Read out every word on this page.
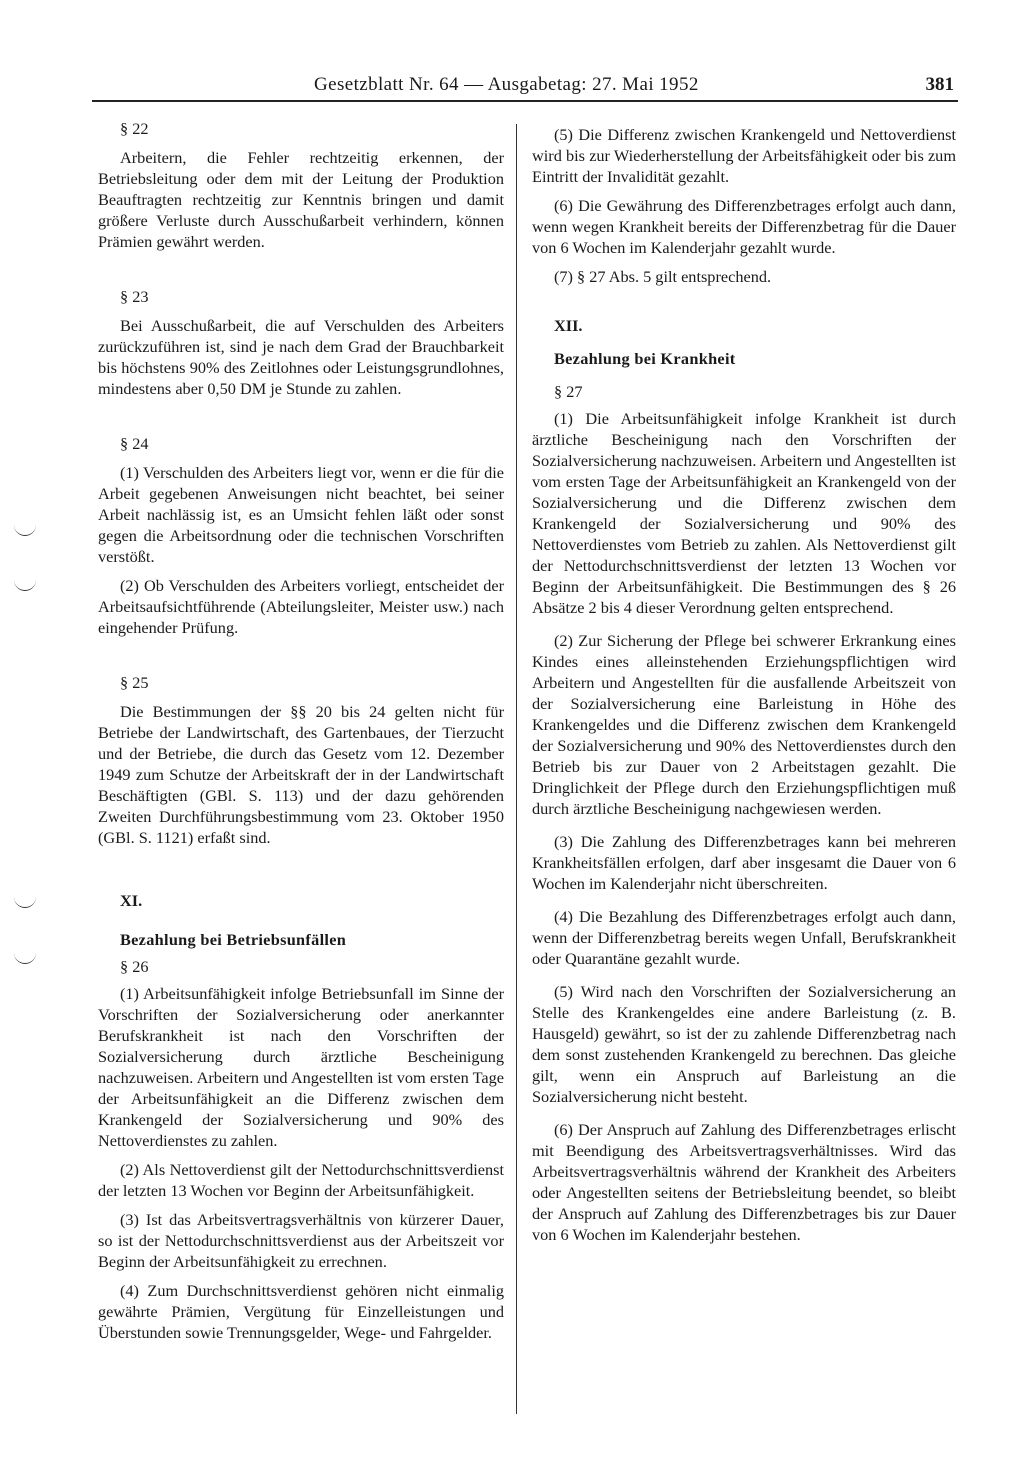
Gesetzblatt Nr. 64 — Ausgabetag: 27. Mai 1952	381

§ 22

Arbeitern, die Fehler rechtzeitig erkennen, der Betriebsleitung oder dem mit der Leitung der Produktion Beauftragten rechtzeitig zur Kenntnis bringen und damit größere Verluste durch Ausschußarbeit verhindern, können Prämien gewährt werden.

§ 23

Bei Ausschußarbeit, die auf Verschulden des Arbeiters zurückzuführen ist, sind je nach dem Grad der Brauchbarkeit bis höchstens 90% des Zeitlohnes oder Leistungsgrundlohnes, mindestens aber 0,50 DM je Stunde zu zahlen.

§ 24

(1) Verschulden des Arbeiters liegt vor, wenn er die für die Arbeit gegebenen Anweisungen nicht beachtet, bei seiner Arbeit nachlässig ist, es an Umsicht fehlen läßt oder sonst gegen die Arbeitsordnung oder die technischen Vorschriften verstößt.

(2) Ob Verschulden des Arbeiters vorliegt, entscheidet der Arbeitsaufsichtführende (Abteilungsleiter, Meister usw.) nach eingehender Prüfung.

§ 25

Die Bestimmungen der §§ 20 bis 24 gelten nicht für Betriebe der Landwirtschaft, des Gartenbaues, der Tierzucht und der Betriebe, die durch das Gesetz vom 12. Dezember 1949 zum Schutze der Arbeitskraft der in der Landwirtschaft Beschäftigten (GBl. S. 113) und der dazu gehörenden Zweiten Durchführungsbestimmung vom 23. Oktober 1950 (GBl. S. 1121) erfaßt sind.

XI.

Bezahlung bei Betriebsunfällen

§ 26

(1) Arbeitsunfähigkeit infolge Betriebsunfall im Sinne der Vorschriften der Sozialversicherung oder anerkannter Berufskrankheit ist nach den Vorschriften der Sozialversicherung durch ärztliche Bescheinigung nachzuweisen. Arbeitern und Angestellten ist vom ersten Tage der Arbeitsunfähigkeit an die Differenz zwischen dem Krankengeld der Sozialversicherung und 90% des Nettoverdienstes zu zahlen.

(2) Als Nettoverdienst gilt der Nettodurchschnittsverdienst der letzten 13 Wochen vor Beginn der Arbeitsunfähigkeit.

(3) Ist das Arbeitsvertragsverhältnis von kürzerer Dauer, so ist der Nettodurchschnittsverdienst aus der Arbeitszeit vor Beginn der Arbeitsunfähigkeit zu errechnen.

(4) Zum Durchschnittsverdienst gehören nicht einmalig gewährte Prämien, Vergütung für Einzelleistungen und Überstunden sowie Trennungsgelder, Wege- und Fahrgelder.

(5) Die Differenz zwischen Krankengeld und Nettoverdienst wird bis zur Wiederherstellung der Arbeitsfähigkeit oder bis zum Eintritt der Invalidität gezahlt.

(6) Die Gewährung des Differenzbetrages erfolgt auch dann, wenn wegen Krankheit bereits der Differenzbetrag für die Dauer von 6 Wochen im Kalenderjahr gezahlt wurde.

(7) § 27 Abs. 5 gilt entsprechend.

XII.

Bezahlung bei Krankheit

§ 27

(1) Die Arbeitsunfähigkeit infolge Krankheit ist durch ärztliche Bescheinigung nach den Vorschriften der Sozialversicherung nachzuweisen. Arbeitern und Angestellten ist vom ersten Tage der Arbeitsunfähigkeit an Krankengeld von der Sozialversicherung und die Differenz zwischen dem Krankengeld der Sozialversicherung und 90% des Nettoverdienstes vom Betrieb zu zahlen. Als Nettoverdienst gilt der Nettodurchschnittsverdienst der letzten 13 Wochen vor Beginn der Arbeitsunfähigkeit. Die Bestimmungen des § 26 Absätze 2 bis 4 dieser Verordnung gelten entsprechend.

(2) Zur Sicherung der Pflege bei schwerer Erkrankung eines Kindes eines alleinstehenden Erziehungspflichtigen wird Arbeitern und Angestellten für die ausfallende Arbeitszeit von der Sozialversicherung eine Barleistung in Höhe des Krankengeldes und die Differenz zwischen dem Krankengeld der Sozialversicherung und 90% des Nettoverdienstes durch den Betrieb bis zur Dauer von 2 Arbeitstagen gezahlt. Die Dringlichkeit der Pflege durch den Erziehungspflichtigen muß durch ärztliche Bescheinigung nachgewiesen werden.

(3) Die Zahlung des Differenzbetrages kann bei mehreren Krankheitsfällen erfolgen, darf aber insgesamt die Dauer von 6 Wochen im Kalenderjahr nicht überschreiten.

(4) Die Bezahlung des Differenzbetrages erfolgt auch dann, wenn der Differenzbetrag bereits wegen Unfall, Berufskrankheit oder Quarantäne gezahlt wurde.

(5) Wird nach den Vorschriften der Sozialversicherung an Stelle des Krankengeldes eine andere Barleistung (z. B. Hausgeld) gewährt, so ist der zu zahlende Differenzbetrag nach dem sonst zustehenden Krankengeld zu berechnen. Das gleiche gilt, wenn ein Anspruch auf Barleistung an die Sozialversicherung nicht besteht.

(6) Der Anspruch auf Zahlung des Differenzbetrages erlischt mit Beendigung des Arbeitsvertragsverhältnisses. Wird das Arbeitsvertragsverhältnis während der Krankheit des Arbeiters oder Angestellten seitens der Betriebsleitung beendet, so bleibt der Anspruch auf Zahlung des Differenzbetrages bis zur Dauer von 6 Wochen im Kalenderjahr bestehen.
